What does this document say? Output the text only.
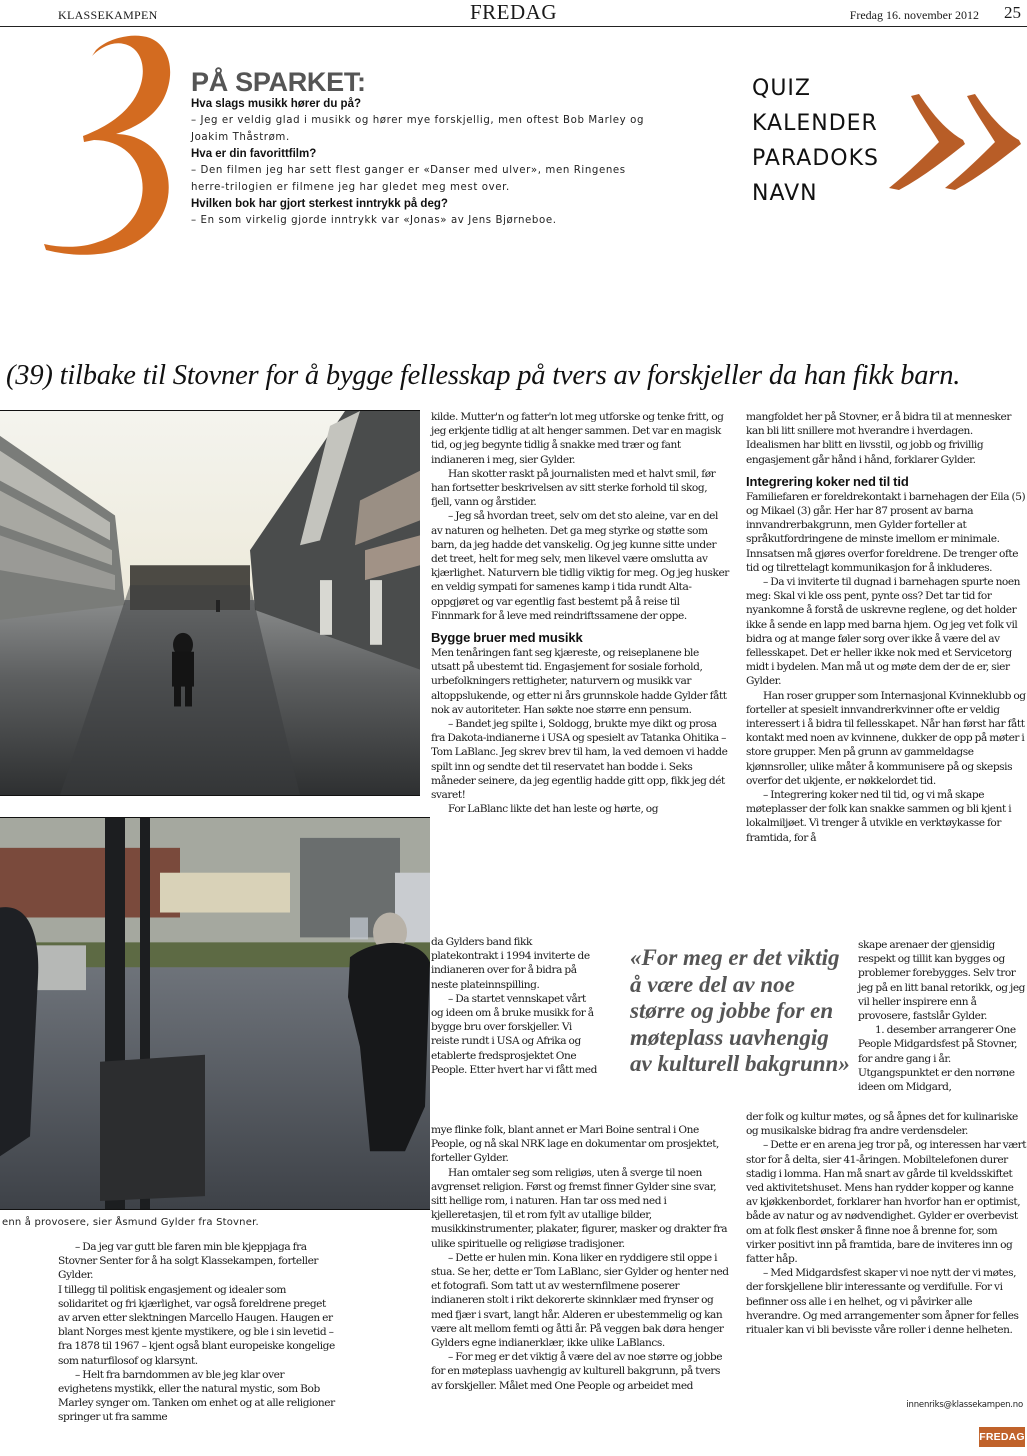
KLASSEKAMPEN	FREDAG	Fredag 16. november 2012 25
PÅ SPARKET:
Hva slags musikk hører du på?
– Jeg er veldig glad i musikk og hører mye forskjellig, men oftest Bob Marley og Joakim Thåstrøm.
Hva er din favorittfilm?
– Den filmen jeg har sett flest ganger er «Danser med ulver», men Ringenes herre-trilogien er filmene jeg har gledet meg mest over.
Hvilken bok har gjort sterkest inntrykk på deg?
– En som virkelig gjorde inntrykk var «Jonas» av Jens Bjørneboe.
QUIZ
KALENDER
PARADOKS
NAVN
(39) tilbake til Stovner for å bygge fellesskap på tvers av forskjeller da han fikk barn.
enn å provosere, sier Åsmund Gylder fra Stovner.

– Da jeg var gutt ble faren min ble kjeppjaga fra Stovner Senter for å ha solgt Klassekampen, forteller Gylder.

I tillegg til politisk engasjement og idealer som solidaritet og fri kjærlighet, var også foreldrene preget av arven etter slektningen Marcello Haugen. Haugen er blant Norges mest kjente mystikere, og ble i sin levetid – fra 1878 til 1967 – kjent også blant europeiske kongelige som naturfilosof og klarsynt.

– Helt fra barndommen av ble jeg klar over evighetens mystikk, eller the natural mystic, som Bob Marley synger om. Tanken om enhet og at alle religioner springer ut fra samme

kilde. Mutter'n og fatter'n lot meg utforske og tenke fritt, og jeg erkjente tidlig at alt henger sammen. Det var en magisk tid, og jeg begynte tidlig å snakke med trær og fant indianeren i meg, sier Gylder.

Han skotter raskt på journalisten med et halvt smil, før han fortsetter beskrivelsen av sitt sterke forhold til skog, fjell, vann og årstider.

– Jeg så hvordan treet, selv om det sto aleine, var en del av naturen og helheten. Det ga meg styrke og støtte som barn, da jeg hadde det vanskelig. Og jeg kunne sitte under det treet, helt for meg selv, men likevel være omslutta av kjærlighet. Naturvern ble tidlig viktig for meg. Og jeg husker en veldig sympati for samenes kamp i tida rundt Alta-oppgjøret og var egentlig fast bestemt på å reise til Finnmark for å leve med reindriftssamene der oppe.

Bygge bruer med musikk

Men tenåringen fant seg kjæreste, og reiseplanene ble utsatt på ubestemt tid. Engasjement for sosiale forhold, urbefolkningers rettigheter, naturvern og musikk var altoppslukende, og etter ni års grunnskole hadde Gylder fått nok av autoriteter. Han søkte noe større enn pensum.

– Bandet jeg spilte i, Soldogg, brukte mye dikt og prosa fra Dakota-indianerne i USA og spesielt av Tatanka Ohitika – Tom LaBlanc. Jeg skrev brev til ham, la ved demoen vi hadde spilt inn og sendte det til reservatet han bodde i. Seks måneder seinere, da jeg egentlig hadde gitt opp, fikk jeg dét svaret!

For LaBlanc likte det han leste og hørte, og

da Gylders band fikk platekontrakt i 1994 inviterte de indianeren over for å bidra på neste plateinnspilling.

– Da startet vennskapet vårt og ideen om å bruke musikk for å bygge bru over forskjeller. Vi reiste rundt i USA og Afrika og etablerte fredsprosjektet One People. Etter hvert har vi fått med

mye flinke folk, blant annet er Mari Boine sentral i One People, og nå skal NRK lage en dokumentar om prosjektet, forteller Gylder.

Han omtaler seg som religiøs, uten å sverge til noen avgrenset religion. Først og fremst finner Gylder sine svar, sitt hellige rom, i naturen. Han tar oss med ned i kjelleretasjen, til et rom fylt av utallige bilder, musikkinstrumenter, plakater, figurer, masker og drakter fra ulike spirituelle og religiøse tradisjoner.

– Dette er hulen min. Kona liker en ryddigere stil oppe i stua. Se her, dette er Tom LaBlanc, sier Gylder og henter ned et fotografi. Som tatt ut av westernfilmene poserer indianeren stolt i rikt dekorerte skinnklær med frynser og med fjær i svart, langt hår. Alderen er ubestemmelig og kan være alt mellom femti og åtti år. På veggen bak døra henger Gylders egne indianerklær, ikke ulike LaBlancs.

– For meg er det viktig å være del av noe større og jobbe for en møteplass uavhengig av kulturell bakgrunn, på tvers av forskjeller. Målet med One People og arbeidet med

«For meg er det viktig å være del av noe større og jobbe for en møteplass uavhengig av kulturell bakgrunn»

mangfoldet her på Stovner, er å bidra til at mennesker kan bli litt snillere mot hverandre i hverdagen. Idealismen har blitt en livsstil, og jobb og frivillig engasjement går hånd i hånd, forklarer Gylder.

Integrering koker ned til tid

Familiefaren er foreldrekontakt i barnehagen der Eila (5) og Mikael (3) går. Her har 87 prosent av barna innvandrerbakgrunn, men Gylder forteller at språkutfordringene de minste imellom er minimale. Innsatsen må gjøres overfor foreldrene. De trenger ofte tid og tilrettelagt kommunikasjon for å inkluderes.

– Da vi inviterte til dugnad i barnehagen spurte noen meg: Skal vi kle oss pent, pynte oss? Det tar tid for nyankomne å forstå de uskrevne reglene, og det holder ikke å sende en lapp med barna hjem. Og jeg vet folk vil bidra og at mange føler sorg over ikke å være del av fellesskapet. Det er heller ikke nok med et Servicetorg midt i bydelen. Man må ut og møte dem der de er, sier Gylder.

Han roser grupper som Internasjonal Kvinneklubb og forteller at spesielt innvandrerkvinner ofte er veldig interessert i å bidra til fellesskapet. Når han først har fått kontakt med noen av kvinnene, dukker de opp på møter i store grupper. Men på grunn av gammeldagse kjønnsroller, ulike måter å kommunisere på og skepsis overfor det ukjente, er nøkkelordet tid.

– Integrering koker ned til tid, og vi må skape møteplasser der folk kan snakke sammen og bli kjent i lokalmiljøet. Vi trenger å utvikle en verktøykasse for framtida, for å

skape arenaer der gjensidig respekt og tillit kan bygges og problemer forebygges. Selv tror jeg på en litt banal retorikk, og jeg vil heller inspirere enn å provosere, fastslår Gylder.

1. desember arrangerer One People Midgardsfest på Stovner, for andre gang i år. Utgangspunktet er den norrøne ideen om Midgard,

der folk og kultur møtes, og så åpnes det for kulinariske og musikalske bidrag fra andre verdensdeler.

– Dette er en arena jeg tror på, og interessen har vært stor for å delta, sier 41-åringen. Mobiltelefonen durer stadig i lomma. Han må snart av gårde til kveldsskiftet ved aktivitetshuset. Mens han rydder kopper og kanne av kjøkkenbordet, forklarer han hvorfor han er optimist, både av natur og av nødvendighet. Gylder er overbevist om at folk flest ønsker å finne noe å brenne for, som virker positivt inn på framtida, bare de inviteres inn og fatter håp.

– Med Midgardsfest skaper vi noe nytt der vi møtes, der forskjellene blir interessante og verdifulle. For vi befinner oss alle i en helhet, og vi påvirker alle hverandre. Og med arrangementer som åpner for felles ritualer kan vi bli bevisste våre roller i denne helheten.

innenriks@klassekampen.no
FREDAG
